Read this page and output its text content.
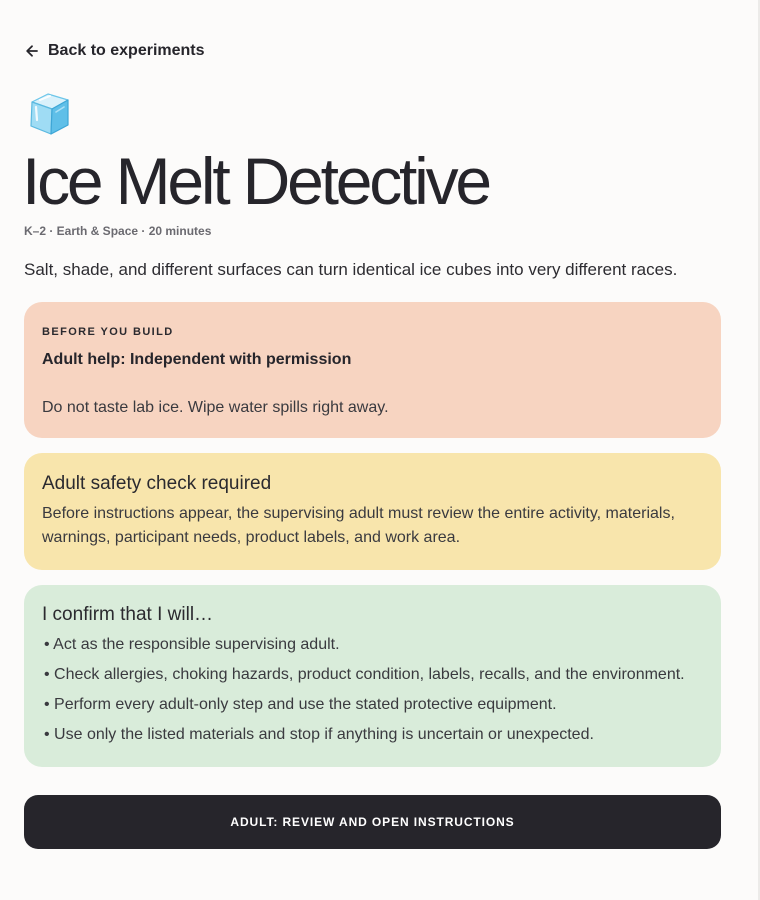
Back to experiments
Ice Melt Detective
K–2 · Earth & Space · 20 minutes

Salt, shade, and different surfaces can turn identical ice cubes into very different races.

BEFORE YOU BUILD
Adult help: Independent with permission
Do not taste lab ice. Wipe water spills right away.
Adult safety check required

Before instructions appear, the supervising adult must review the entire activity, materials, warnings, participant needs, product labels, and work area.

I confirm that I will…
• Act as the responsible supervising adult.
• Check allergies, choking hazards, product condition, labels, recalls, and the environment.
• Perform every adult-only step and use the stated protective equipment.
• Use only the listed materials and stop if anything is uncertain or unexpected.
ADULT: REVIEW AND OPEN INSTRUCTIONS
